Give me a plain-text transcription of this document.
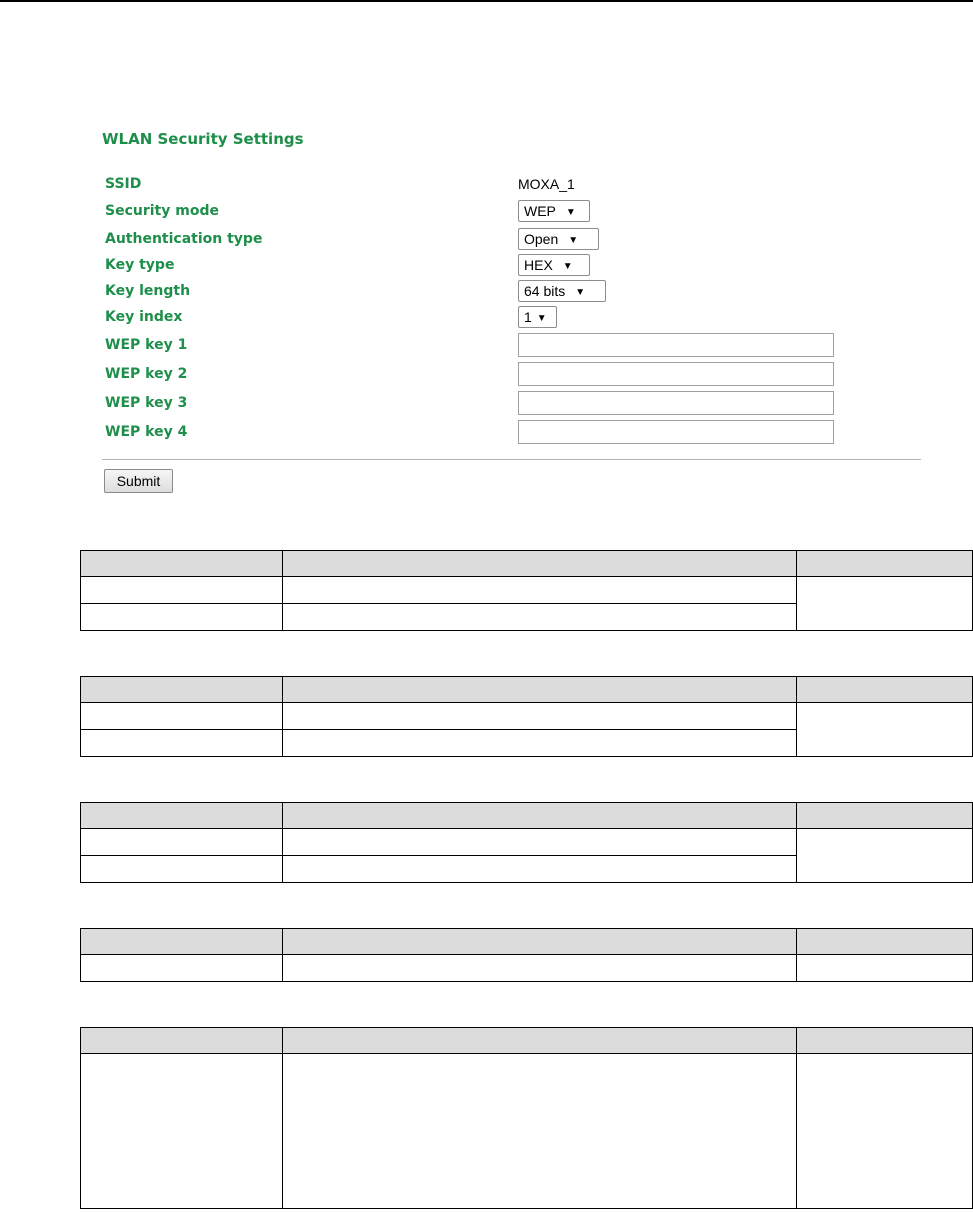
WLAN Security Settings
SSID	MOXA_1
Security mode	WEP ▼
Authentication type	Open ▼
Key type	HEX ▼
Key length	64 bits ▼
Key index	1 ▼
WEP key 1
WEP key 2
WEP key 3
WEP key 4
Submit
